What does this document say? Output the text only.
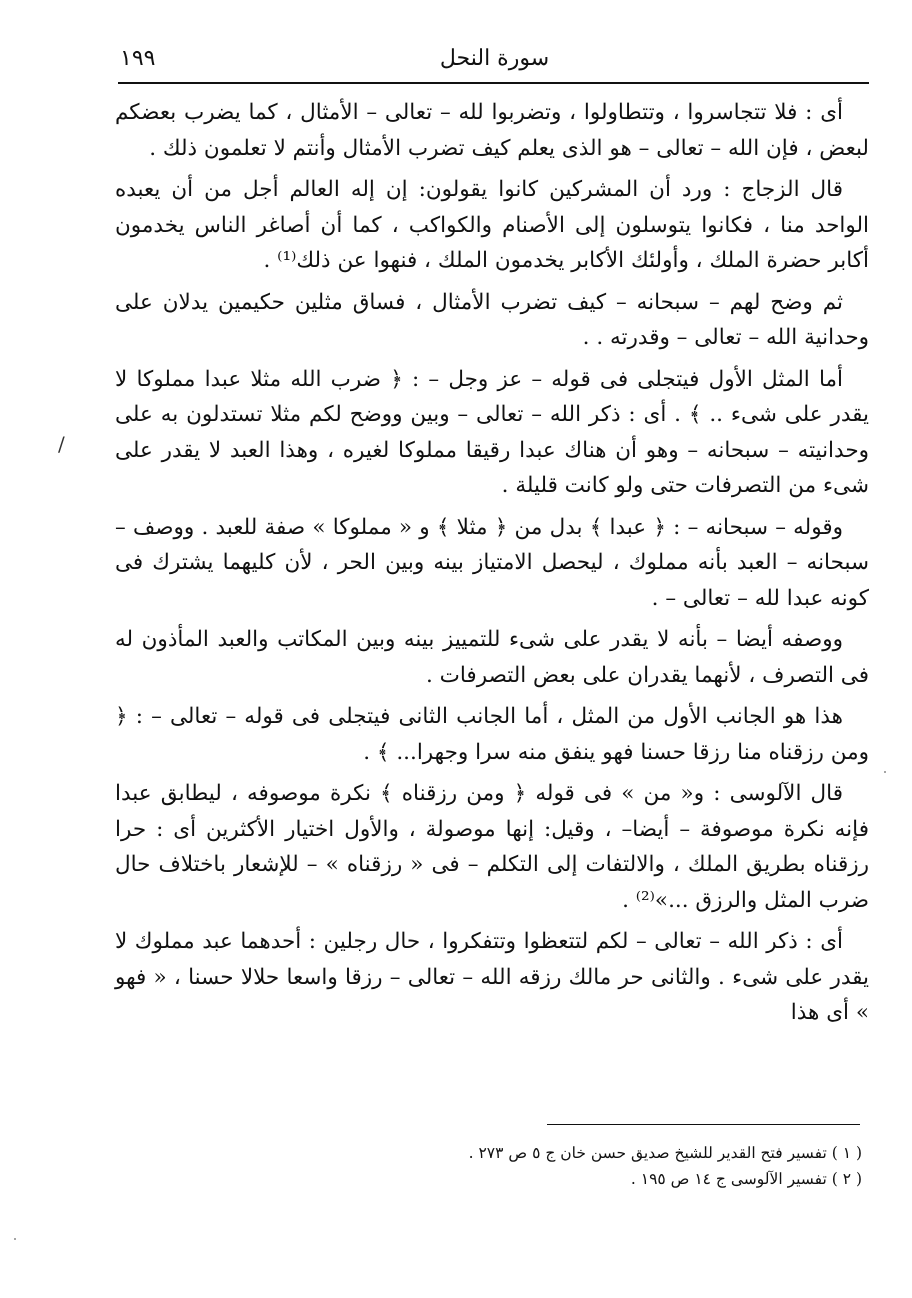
١٩٩	سورة النحل

أى : فلا تتجاسروا ، وتتطاولوا ، وتضربوا لله – تعالى – الأمثال ، كما يضرب بعضكم لبعض ، فإن الله – تعالى – هو الذى يعلم كيف تضرب الأمثال وأنتم لا تعلمون ذلك .

قال الزجاج : ورد أن المشركين كانوا يقولون: إن إله العالم أجل من أن يعبده الواحد منا ، فكانوا يتوسلون إلى الأصنام والكواكب ، كما أن أصاغر الناس يخدمون أكابر حضرة الملك ، وأولئك الأكابر يخدمون الملك ، فنهوا عن ذلك⁽¹⁾ .

ثم وضح لهم – سبحانه – كيف تضرب الأمثال ، فساق مثلين حكيمين يدلان على وحدانية الله – تعالى – وقدرته . .

أما المثل الأول فيتجلى فى قوله – عز وجل – : ﴿ ضرب الله مثلا عبدا مملوكا لا يقدر على شىء .. ﴾ . أى : ذكر الله – تعالى – وبين ووضح لكم مثلا تستدلون به على وحدانيته – سبحانه – وهو أن هناك عبدا رقيقا مملوكا لغيره ، وهذا العبد لا يقدر على شىء من التصرفات حتى ولو كانت قليلة .

وقوله – سبحانه – : ﴿ عبدا ﴾ بدل من ﴿ مثلا ﴾ و « مملوكا » صفة للعبد . ووصف – سبحانه – العبد بأنه مملوك ، ليحصل الامتياز بينه وبين الحر ، لأن كليهما يشترك فى كونه عبدا لله – تعالى – .

ووصفه أيضا – بأنه لا يقدر على شىء للتمييز بينه وبين المكاتب والعبد المأذون له فى التصرف ، لأنهما يقدران على بعض التصرفات .

هذا هو الجانب الأول من المثل ، أما الجانب الثانى فيتجلى فى قوله – تعالى – : ﴿ ومن رزقناه منا رزقا حسنا فهو ينفق منه سرا وجهرا... ﴾ .

قال الآلوسى : و« من » فى قوله ﴿ ومن رزقناه ﴾ نكرة موصوفه ، ليطابق عبدا فإنه نكرة موصوفة – أيضا– ، وقيل: إنها موصولة ، والأول اختيار الأكثرين أى : حرا رزقناه بطريق الملك ، والالتفات إلى التكلم – فى « رزقناه » – للإشعار باختلاف حال ضرب المثل والرزق ...»⁽²⁾ .

أى : ذكر الله – تعالى – لكم لتتعظوا وتتفكروا ، حال رجلين : أحدهما عبد مملوك لا يقدر على شىء . والثانى حر مالك رزقه الله – تعالى – رزقا واسعا حلالا حسنا ، « فهو » أى هذا

/

( ١ ) تفسير فتح القدير للشيخ صديق حسن خان ج ٥ ص ٢٧٣ .

( ٢ ) تفسير الآلوسى ج ١٤ ص ١٩٥ .
